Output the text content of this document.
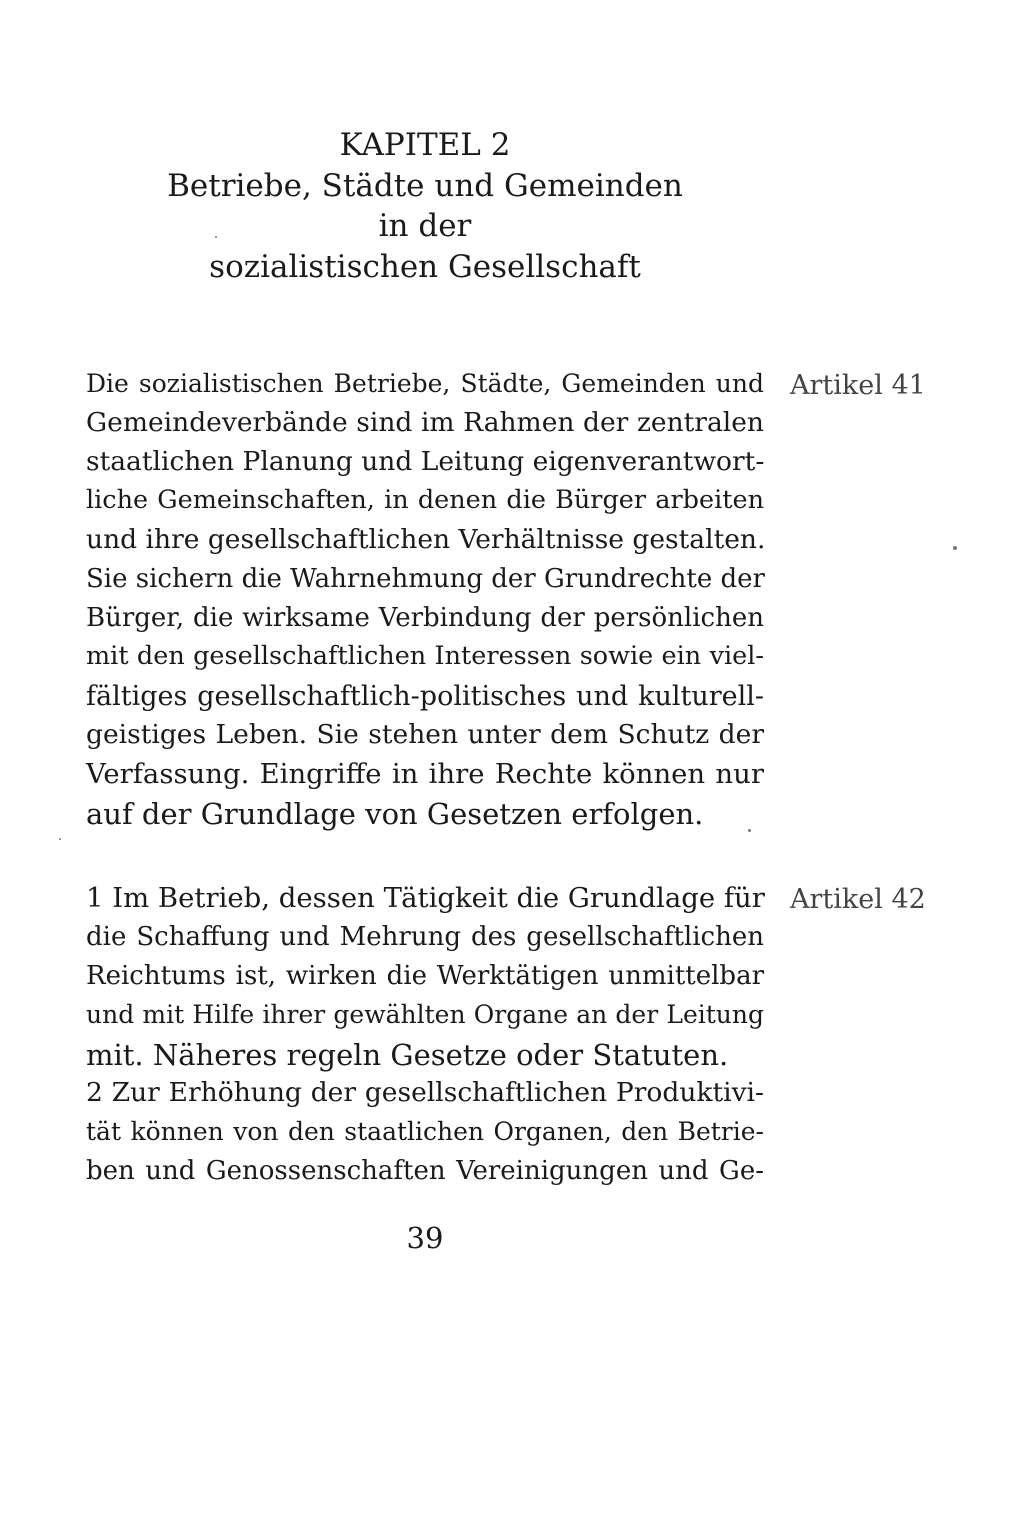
KAPITEL 2
Betriebe, Städte und Gemeinden
in der
sozialistischen Gesellschaft
Artikel 41
Die sozialistischen Betriebe, Städte, Gemeinden und
Gemeindeverbände sind im Rahmen der zentralen
staatlichen Planung und Leitung eigenverantwort-
liche Gemeinschaften, in denen die Bürger arbeiten
und ihre gesellschaftlichen Verhältnisse gestalten.
Sie sichern die Wahrnehmung der Grundrechte der
Bürger, die wirksame Verbindung der persönlichen
mit den gesellschaftlichen Interessen sowie ein viel-
fältiges gesellschaftlich-politisches und kulturell-
geistiges Leben. Sie stehen unter dem Schutz der
Verfassung. Eingriffe in ihre Rechte können nur
auf der Grundlage von Gesetzen erfolgen.
Artikel 42
1 Im Betrieb, dessen Tätigkeit die Grundlage für
die Schaffung und Mehrung des gesellschaftlichen
Reichtums ist, wirken die Werktätigen unmittelbar
und mit Hilfe ihrer gewählten Organe an der Leitung
mit. Näheres regeln Gesetze oder Statuten.
2 Zur Erhöhung der gesellschaftlichen Produktivi-
tät können von den staatlichen Organen, den Betrie-
ben und Genossenschaften Vereinigungen und Ge-
39
